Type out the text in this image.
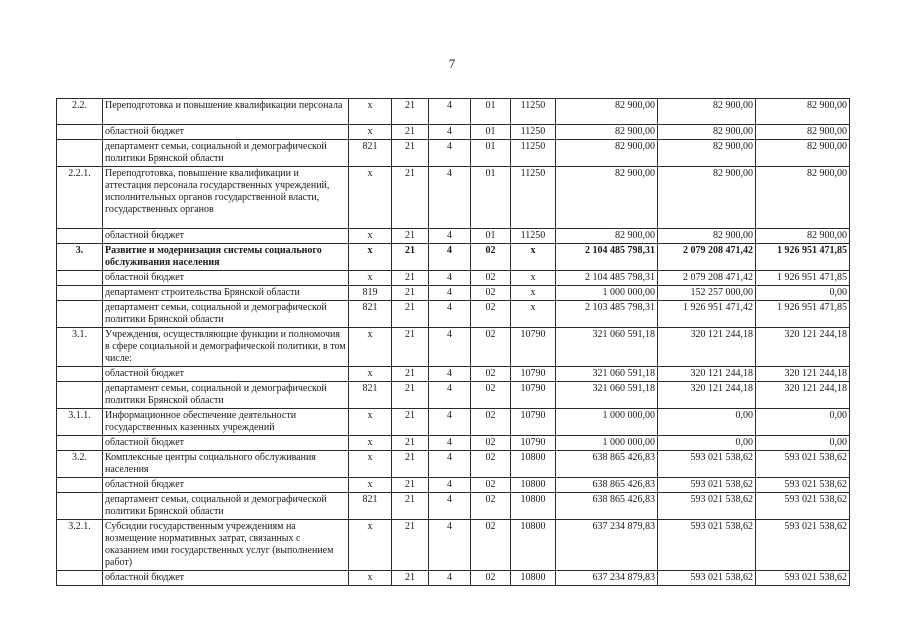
7
2.2.	Переподготовка и повышение квалификации персонала	х	21	4	01	11250	82 900,00	82 900,00	82 900,00
	областной бюджет	х	21	4	01	11250	82 900,00	82 900,00	82 900,00
	департамент семьи, социальной и демографической политики Брянской области	821	21	4	01	11250	82 900,00	82 900,00	82 900,00
2.2.1.	Переподготовка, повышение квалификации и аттестация персонала государственных учреждений, исполнительных органов государственной власти, государственных органов	х	21	4	01	11250	82 900,00	82 900,00	82 900,00
	областной бюджет	х	21	4	01	11250	82 900,00	82 900,00	82 900,00
3.	Развитие и модернизация системы социального обслуживания населения	х	21	4	02	х	2 104 485 798,31	2 079 208 471,42	1 926 951 471,85
	областной бюджет	х	21	4	02	х	2 104 485 798,31	2 079 208 471,42	1 926 951 471,85
	департамент строительства Брянской области	819	21	4	02	х	1 000 000,00	152 257 000,00	0,00
	департамент семьи, социальной и демографической политики Брянской области	821	21	4	02	х	2 103 485 798,31	1 926 951 471,42	1 926 951 471,85
3.1.	Учреждения, осуществляющие функции и полномочия в сфере социальной и демографической политики, в том числе:	х	21	4	02	10790	321 060 591,18	320 121 244,18	320 121 244,18
	областной бюджет	х	21	4	02	10790	321 060 591,18	320 121 244,18	320 121 244,18
	департамент семьи, социальной и демографической политики Брянской области	821	21	4	02	10790	321 060 591,18	320 121 244,18	320 121 244,18
3.1.1.	Информационное обеспечение деятельности государственных казенных учреждений	х	21	4	02	10790	1 000 000,00	0,00	0,00
	областной бюджет	х	21	4	02	10790	1 000 000,00	0,00	0,00
3.2.	Комплексные центры социального обслуживания населения	х	21	4	02	10800	638 865 426,83	593 021 538,62	593 021 538,62
	областной бюджет	х	21	4	02	10800	638 865 426,83	593 021 538,62	593 021 538,62
	департамент семьи, социальной и демографической политики Брянской области	821	21	4	02	10800	638 865 426,83	593 021 538,62	593 021 538,62
3.2.1.	Субсидии государственным учреждениям на возмещение нормативных затрат, связанных с оказанием ими государственных услуг (выполнением работ)	х	21	4	02	10800	637 234 879,83	593 021 538,62	593 021 538,62
	областной бюджет	х	21	4	02	10800	637 234 879,83	593 021 538,62	593 021 538,62
